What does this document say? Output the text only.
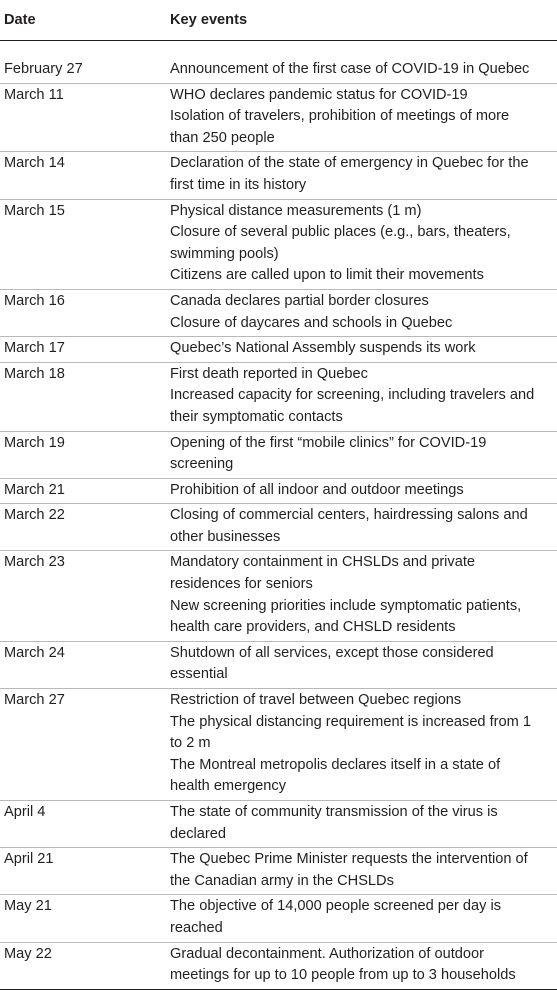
Date	Key events
February 27	Announcement of the first case of COVID-19 in Quebec
March 11	WHO declares pandemic status for COVID-19
Isolation of travelers, prohibition of meetings of more
than 250 people
March 14	Declaration of the state of emergency in Quebec for the
first time in its history
March 15	Physical distance measurements (1 m)
Closure of several public places (e.g., bars, theaters,
swimming pools)
Citizens are called upon to limit their movements
March 16	Canada declares partial border closures
Closure of daycares and schools in Quebec
March 17	Quebec’s National Assembly suspends its work
March 18	First death reported in Quebec
Increased capacity for screening, including travelers and
their symptomatic contacts
March 19	Opening of the first “mobile clinics” for COVID-19
screening
March 21	Prohibition of all indoor and outdoor meetings
March 22	Closing of commercial centers, hairdressing salons and
other businesses
March 23	Mandatory containment in CHSLDs and private
residences for seniors
New screening priorities include symptomatic patients,
health care providers, and CHSLD residents
March 24	Shutdown of all services, except those considered
essential
March 27	Restriction of travel between Quebec regions
The physical distancing requirement is increased from 1
to 2 m
The Montreal metropolis declares itself in a state of
health emergency
April 4	The state of community transmission of the virus is
declared
April 21	The Quebec Prime Minister requests the intervention of
the Canadian army in the CHSLDs
May 21	The objective of 14,000 people screened per day is
reached
May 22	Gradual decontainment. Authorization of outdoor
meetings for up to 10 people from up to 3 households
